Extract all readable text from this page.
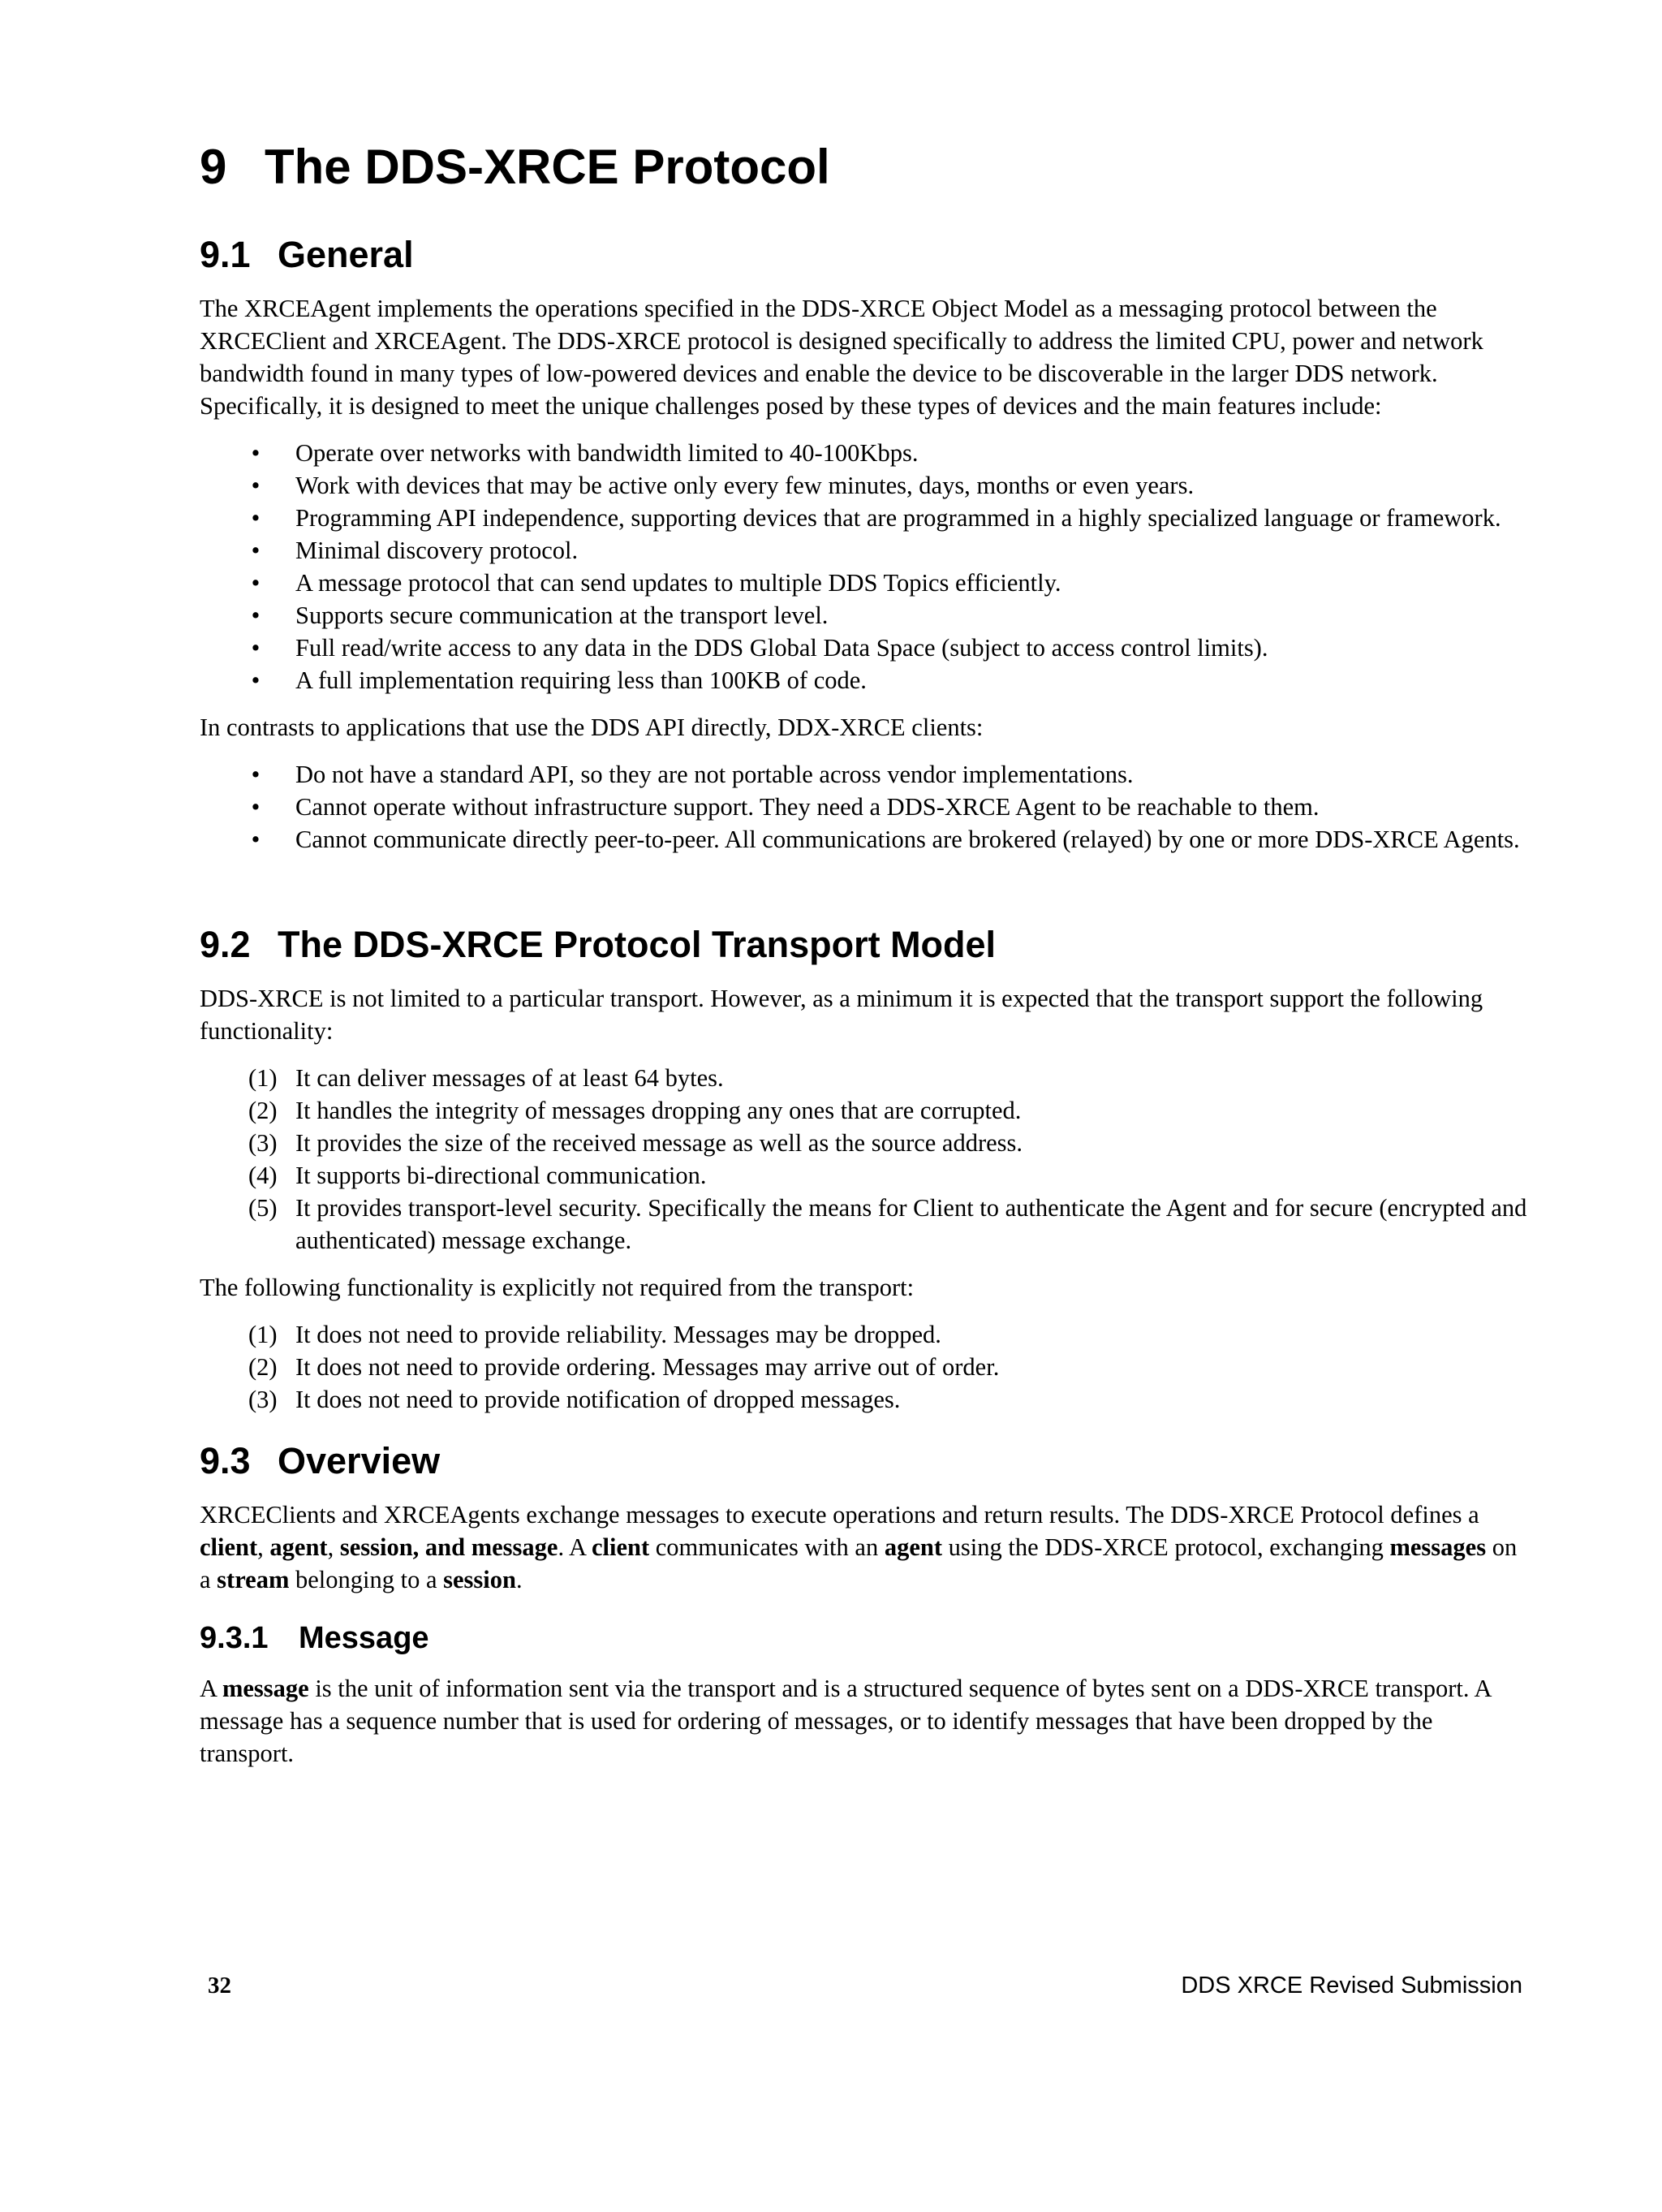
9 The DDS-XRCE Protocol
9.1 General

The XRCEAgent implements the operations specified in the DDS-XRCE Object Model as a messaging protocol between the XRCEClient and XRCEAgent. The DDS-XRCE protocol is designed specifically to address the limited CPU, power and network bandwidth found in many types of low-powered devices and enable the device to be discoverable in the larger DDS network. Specifically, it is designed to meet the unique challenges posed by these types of devices and the main features include:

• Operate over networks with bandwidth limited to 40-100Kbps.
• Work with devices that may be active only every few minutes, days, months or even years.
• Programming API independence, supporting devices that are programmed in a highly specialized language or framework.
• Minimal discovery protocol.
• A message protocol that can send updates to multiple DDS Topics efficiently.
• Supports secure communication at the transport level.
• Full read/write access to any data in the DDS Global Data Space (subject to access control limits).
• A full implementation requiring less than 100KB of code.

In contrasts to applications that use the DDS API directly, DDX-XRCE clients:

• Do not have a standard API, so they are not portable across vendor implementations.
• Cannot operate without infrastructure support. They need a DDS-XRCE Agent to be reachable to them.
• Cannot communicate directly peer-to-peer. All communications are brokered (relayed) by one or more DDS-XRCE Agents.
9.2 The DDS-XRCE Protocol Transport Model

DDS-XRCE is not limited to a particular transport. However, as a minimum it is expected that the transport support the following functionality:

(1) It can deliver messages of at least 64 bytes.
(2) It handles the integrity of messages dropping any ones that are corrupted.
(3) It provides the size of the received message as well as the source address.
(4) It supports bi-directional communication.
(5) It provides transport-level security. Specifically the means for Client to authenticate the Agent and for secure (encrypted and authenticated) message exchange.

The following functionality is explicitly not required from the transport:

(1) It does not need to provide reliability. Messages may be dropped.
(2) It does not need to provide ordering. Messages may arrive out of order.
(3) It does not need to provide notification of dropped messages.
9.3 Overview

XRCEClients and XRCEAgents exchange messages to execute operations and return results. The DDS-XRCE Protocol defines a client, agent, session, and message. A client communicates with an agent using the DDS-XRCE protocol, exchanging messages on a stream belonging to a session.

9.3.1 Message

A message is the unit of information sent via the transport and is a structured sequence of bytes sent on a DDS-XRCE transport. A message has a sequence number that is used for ordering of messages, or to identify messages that have been dropped by the transport.

32	DDS XRCE Revised Submission
